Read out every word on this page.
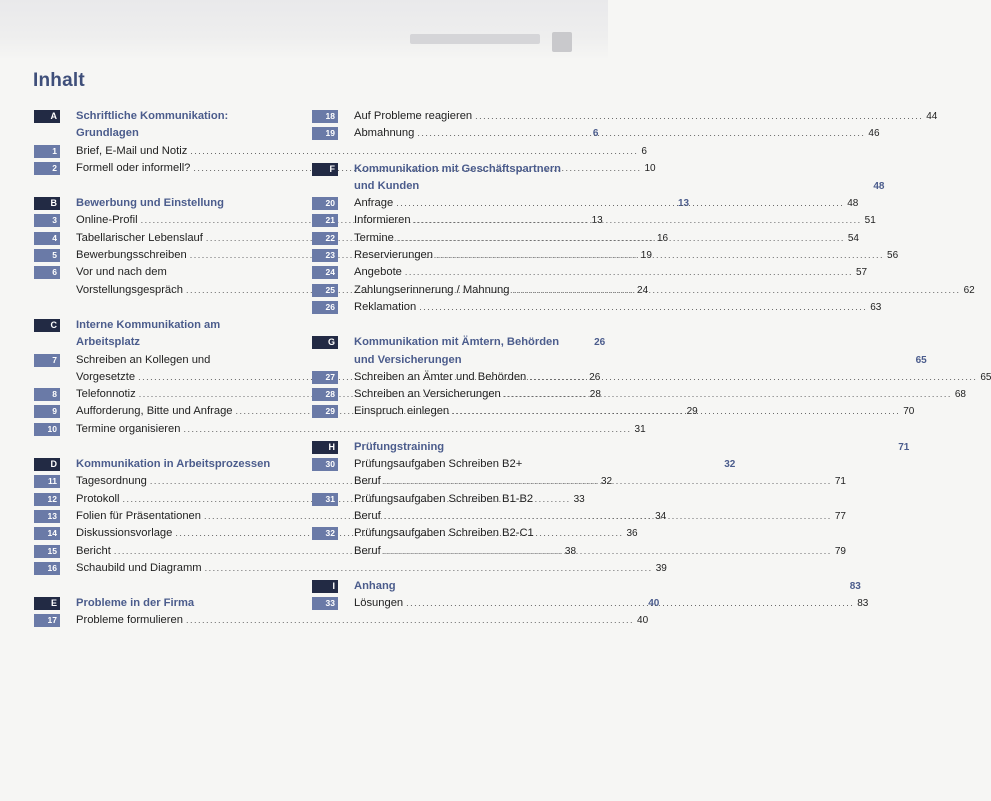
Inhalt
A Schriftliche Kommunikation:
Grundlagen	6
1 Brief, E-Mail und Notiz .....	6
2 Formell oder informell? .....	10
B Bewerbung und Einstellung	13
3 Online-Profil .....	13
4 Tabellarischer Lebenslauf .....	16
5 Bewerbungsschreiben .....	19
6 Vor und nach dem
Vorstellungsgespräch .....	24
C Interne Kommunikation am
Arbeitsplatz	26
7 Schreiben an Kollegen und
Vorgesetzte .....	26
8 Telefonnotiz .....	28
9 Aufforderung, Bitte und Anfrage .....	29
10 Termine organisieren .....	31
D Kommunikation in Arbeitsprozessen	32
11 Tagesordnung .....	32
12 Protokoll .....	33
13 Folien für Präsentationen .....	34
14 Diskussionsvorlage .....	36
15 Bericht .....	38
16 Schaubild und Diagramm .....	39
E Probleme in der Firma	40
17 Probleme formulieren .....	40
18 Auf Probleme reagieren .....	44
19 Abmahnung .....	46
F Kommunikation mit Geschäftspartnern
und Kunden	48
20 Anfrage .....	48
21 Informieren .....	51
22 Termine .....	54
23 Reservierungen .....	56
24 Angebote .....	57
25 Zahlungserinnerung / Mahnung .....	62
26 Reklamation .....	63
G Kommunikation mit Ämtern, Behörden
und Versicherungen	65
27 Schreiben an Ämter und Behörden .....	65
28 Schreiben an Versicherungen .....	68
29 Einspruch einlegen .....	70
H Prüfungstraining	71
30 Prüfungsaufgaben Schreiben B2+
Beruf .....	71
31 Prüfungsaufgaben Schreiben B1-B2
Beruf .....	77
32 Prüfungsaufgaben Schreiben B2-C1
Beruf .....	79
I Anhang	83
33 Lösungen .....	83
